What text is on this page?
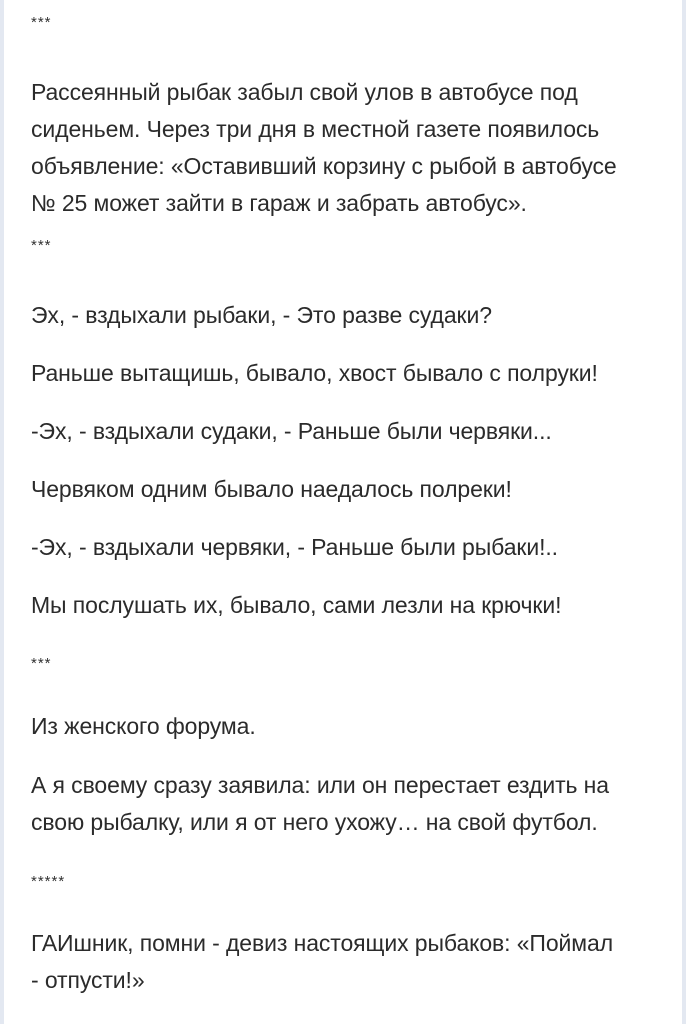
***
Рассеянный рыбак забыл свой улов в автобусе под
сиденьем. Через три дня в местной газете появилось
объявление: «Оставивший корзину с рыбой в автобусе
№ 25 может зайти в гараж и забрать автобус».
***
Эх, - вздыхали рыбаки, - Это разве судаки?
Раньше вытащишь, бывало, хвост бывало с полруки!
-Эх, - вздыхали судаки, - Раньше были червяки...
Червяком одним бывало наедалось полреки!
-Эх, - вздыхали червяки, - Раньше были рыбаки!..
Мы послушать их, бывало, сами лезли на крючки!
***
Из женского форума.
А я своему сразу заявила: или он перестает ездить на
свою рыбалку, или я от него ухожу… на свой футбол.
*****
ГАИшник, помни - девиз настоящих рыбаков: «Поймал
- отпусти!»
